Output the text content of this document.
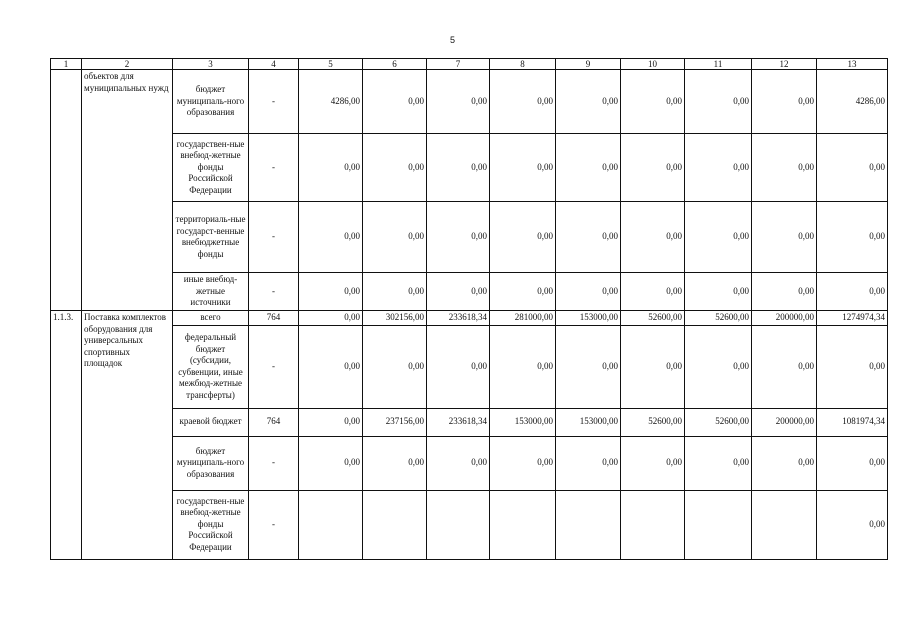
5
1	2	3	4	5	6	7	8	9	10	11	12	13
	объектов для муниципальных нужд	бюджет муниципаль-ного образования	-	4286,00	0,00	0,00	0,00	0,00	0,00	0,00	0,00	4286,00
		государствен-ные внебюд-жетные фонды Российской Федерации	-	0,00	0,00	0,00	0,00	0,00	0,00	0,00	0,00	0,00
		территориаль-ные государст-венные внебюджетные фонды	-	0,00	0,00	0,00	0,00	0,00	0,00	0,00	0,00	0,00
		иные внебюд-жетные источники	-	0,00	0,00	0,00	0,00	0,00	0,00	0,00	0,00	0,00
1.1.3.	Поставка комплектов оборудования для универсальных спортивных площадок	всего	764	0,00	302156,00	233618,34	281000,00	153000,00	52600,00	52600,00	200000,00	1274974,34
		федеральный бюджет (субсидии, субвенции, иные межбюд-жетные трансферты)	-	0,00	0,00	0,00	0,00	0,00	0,00	0,00	0,00	0,00
		краевой бюджет	764	0,00	237156,00	233618,34	153000,00	153000,00	52600,00	52600,00	200000,00	1081974,34
		бюджет муниципаль-ного образования	-	0,00	0,00	0,00	0,00	0,00	0,00	0,00	0,00	0,00
		государствен-ные внебюд-жетные фонды Российской Федерации	-									0,00
